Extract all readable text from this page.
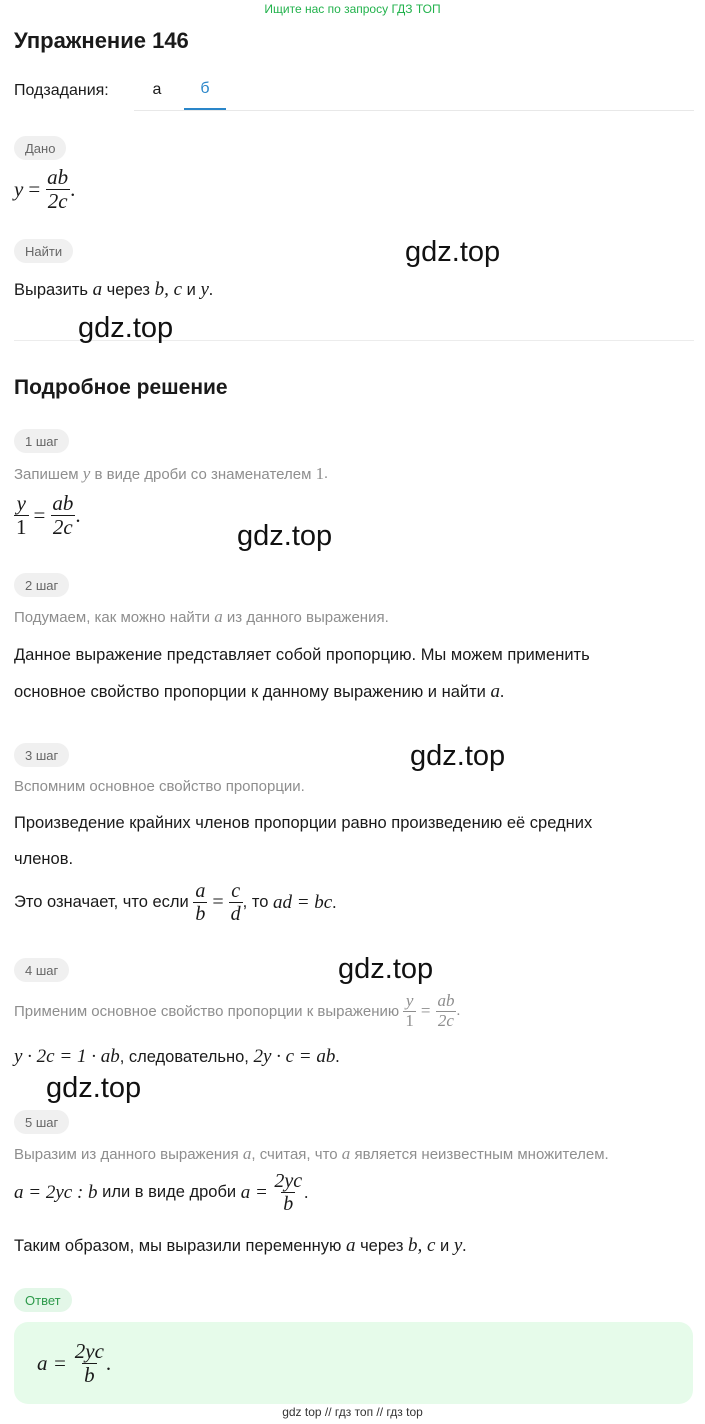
Ищите нас по запросу ГДЗ ТОП
Упражнение 146
Подзадания:	а	б
Дано
$y = \frac{ab}{2c}$ .
Найти
Выразить
a
через
b, c
и
y .
Подробное решение
1 шаг
Запишем
y
в виде дроби со знаменателем
1 .
$\frac{y}{1} = \frac{ab}{2c}$ .
2 шаг
Подумаем, как можно найти
a
из данного выражения.
Данное выражение представляет собой пропорцию. Мы можем применить
основное свойство пропорции к данному выражению и найти
a .
3 шаг
Вспомним основное свойство пропорции.
Произведение крайних членов пропорции равно произведению её средних
членов.
Это означает, что если
$\frac{a}{b} = \frac{c}{d}$ , то
ad = bc .
4 шаг
Применим основное свойство пропорции к выражению
$\frac{y}{1} = \frac{ab}{2c}$ .
y · 2c = 1 · ab , следовательно,
2y · c = ab .
5 шаг
Выразим из данного выражения
a , считая, что
a
является неизвестным множителем.
a = 2yc : b
или в виде дроби
a =
$\frac{2yc}{b}$ .
Таким образом, мы выразили переменную
a
через
b, c
и
y .
Ответ
a =
$\frac{2yc}{b}$ .
gdz.top
gdz.top
gdz.top
gdz.top
gdz.top
gdz.top
gdz top // гдз топ // гдз top
